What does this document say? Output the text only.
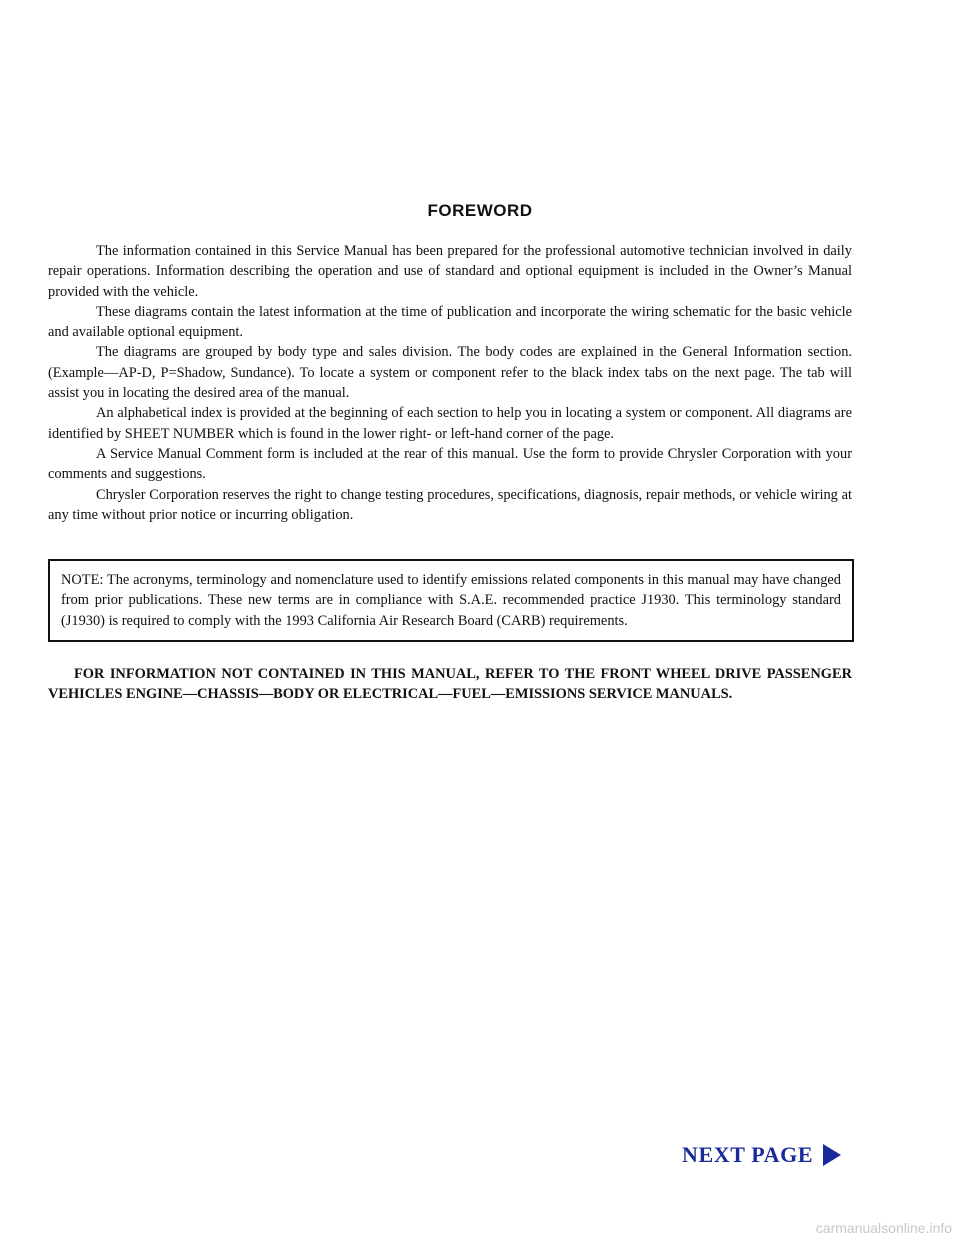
FOREWORD

The information contained in this Service Manual has been prepared for the professional automotive technician involved in daily repair operations. Information describing the operation and use of standard and optional equipment is included in the Owner’s Manual provided with the vehicle.

These diagrams contain the latest information at the time of publication and incorporate the wiring schematic for the basic vehicle and available optional equipment.

The diagrams are grouped by body type and sales division. The body codes are explained in the General Information section. (Example—AP-D, P=Shadow, Sundance). To locate a system or component refer to the black index tabs on the next page. The tab will assist you in locating the desired area of the manual.

An alphabetical index is provided at the beginning of each section to help you in locating a system or component. All diagrams are identified by SHEET NUMBER which is found in the lower right- or left-hand corner of the page.

A Service Manual Comment form is included at the rear of this manual. Use the form to provide Chrysler Corporation with your comments and suggestions.

Chrysler Corporation reserves the right to change testing procedures, specifications, diagnosis, repair methods, or vehicle wiring at any time without prior notice or incurring obligation.

NOTE: The acronyms, terminology and nomenclature used to identify emissions related components in this manual may have changed from prior publications. These new terms are in compliance with S.A.E. recommended practice J1930. This terminology standard (J1930) is required to comply with the 1993 California Air Research Board (CARB) requirements.

FOR INFORMATION NOT CONTAINED IN THIS MANUAL, REFER TO THE FRONT WHEEL DRIVE PASSENGER VEHICLES ENGINE—CHASSIS—BODY OR ELECTRICAL—FUEL—EMISSIONS SERVICE MANUALS.

NEXT PAGE
carmanualsonline.info
